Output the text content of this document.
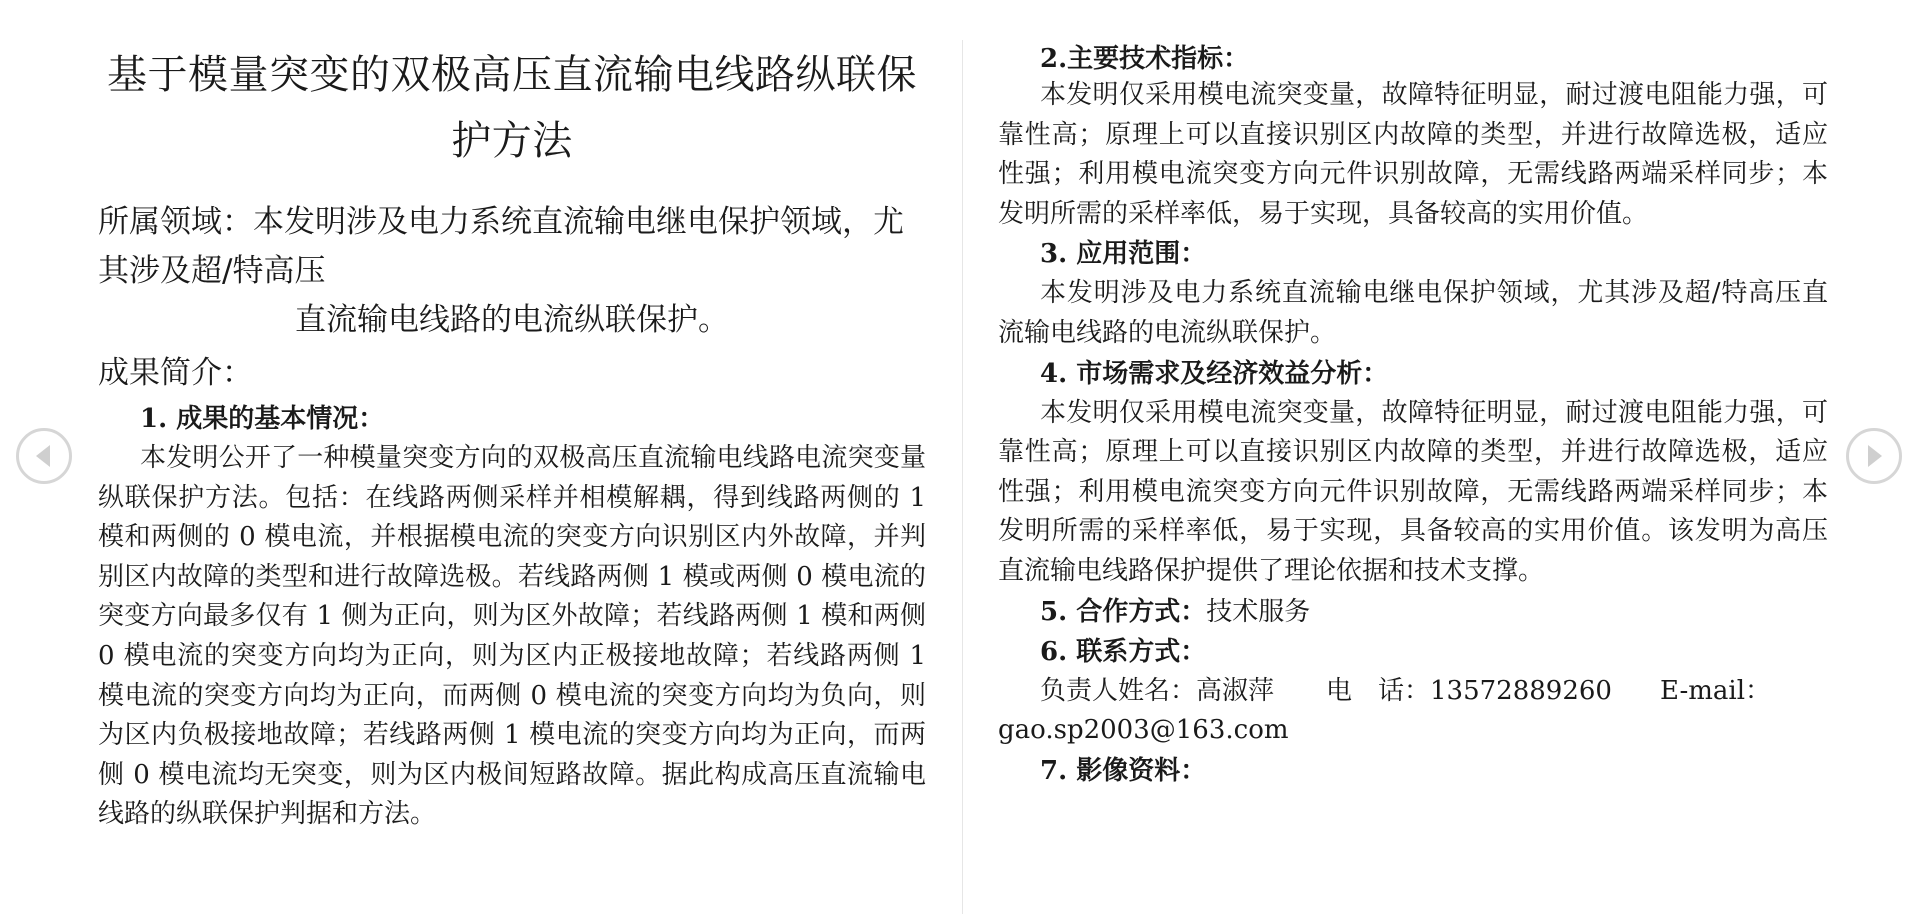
基于模量突变的双极高压直流输电线路纵联保护方法

所属领域：本发明涉及电力系统直流输电继电保护领域，尤其涉及超/特高压
直流输电线路的电流纵联保护。

成果简介：

1. 成果的基本情况：

本发明公开了一种模量突变方向的双极高压直流输电线路电流突变量纵联保护方法。包括：在线路两侧采样并相模解耦，得到线路两侧的 1 模和两侧的 0 模电流，并根据模电流的突变方向识别区内外故障，并判别区内故障的类型和进行故障选极。若线路两侧 1 模或两侧 0 模电流的突变方向最多仅有 1 侧为正向，则为区外故障；若线路两侧 1 模和两侧 0 模电流的突变方向均为正向，则为区内正极接地故障；若线路两侧 1 模电流的突变方向均为正向，而两侧 0 模电流的突变方向均为负向，则为区内负极接地故障；若线路两侧 1 模电流的突变方向均为正向，而两侧 0 模电流均无突变，则为区内极间短路故障。据此构成高压直流输电线路的纵联保护判据和方法。

2.主要技术指标：

本发明仅采用模电流突变量，故障特征明显，耐过渡电阻能力强，可靠性高；原理上可以直接识别区内故障的类型，并进行故障选极，适应性强；利用模电流突变方向元件识别故障，无需线路两端采样同步；本发明所需的采样率低，易于实现，具备较高的实用价值。

3. 应用范围：

本发明涉及电力系统直流输电继电保护领域，尤其涉及超/特高压直流输电线路的电流纵联保护。

4. 市场需求及经济效益分析：

本发明仅采用模电流突变量，故障特征明显，耐过渡电阻能力强，可靠性高；原理上可以直接识别区内故障的类型，并进行故障选极，适应性强；利用模电流突变方向元件识别故障，无需线路两端采样同步；本发明所需的采样率低，易于实现，具备较高的实用价值。该发明为高压直流输电线路保护提供了理论依据和技术支撑。

5. 合作方式：技术服务

6. 联系方式：

负责人姓名：高淑萍 电　话：13572889260 E-mail：

gao.sp2003@163.com

7. 影像资料：
